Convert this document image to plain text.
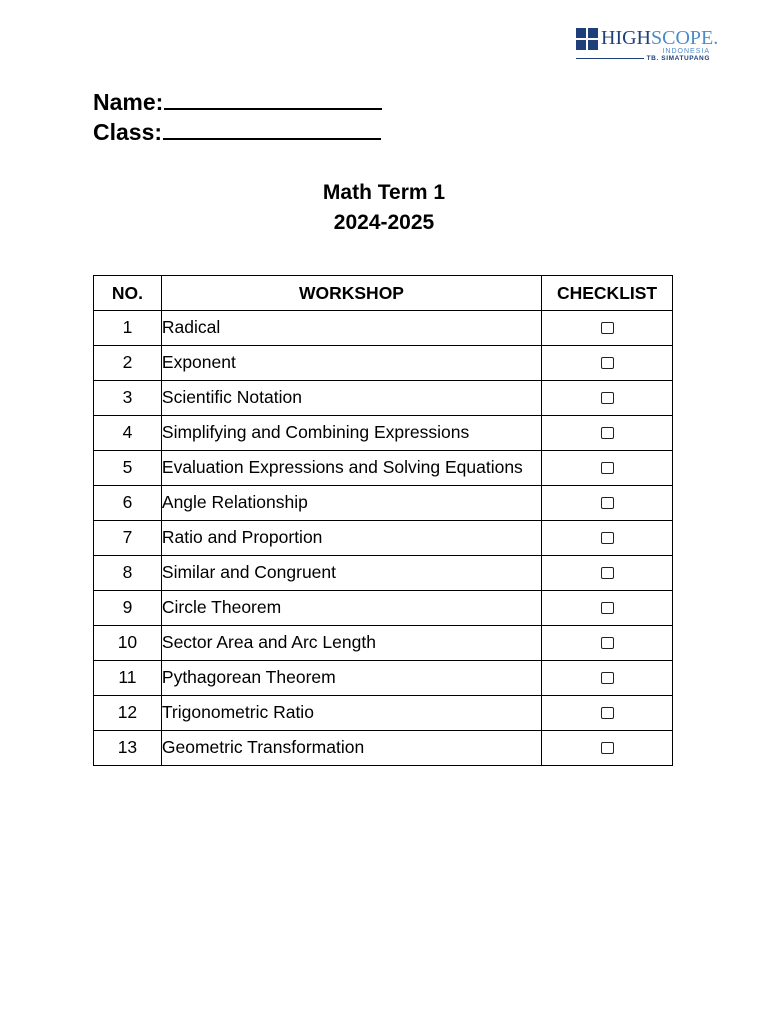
HIGHSCOPE.
INDONESIA
TB. SIMATUPANG
Name:
Class:
Math Term 1
2024-2025
NO.	WORKSHOP	CHECKLIST
1	Radical	
2	Exponent	
3	Scientific Notation	
4	Simplifying and Combining Expressions	
5	Evaluation Expressions and Solving Equations	
6	Angle Relationship	
7	Ratio and Proportion	
8	Similar and Congruent	
9	Circle Theorem	
10	Sector Area and Arc Length	
11	Pythagorean Theorem	
12	Trigonometric Ratio	
13	Geometric Transformation	
